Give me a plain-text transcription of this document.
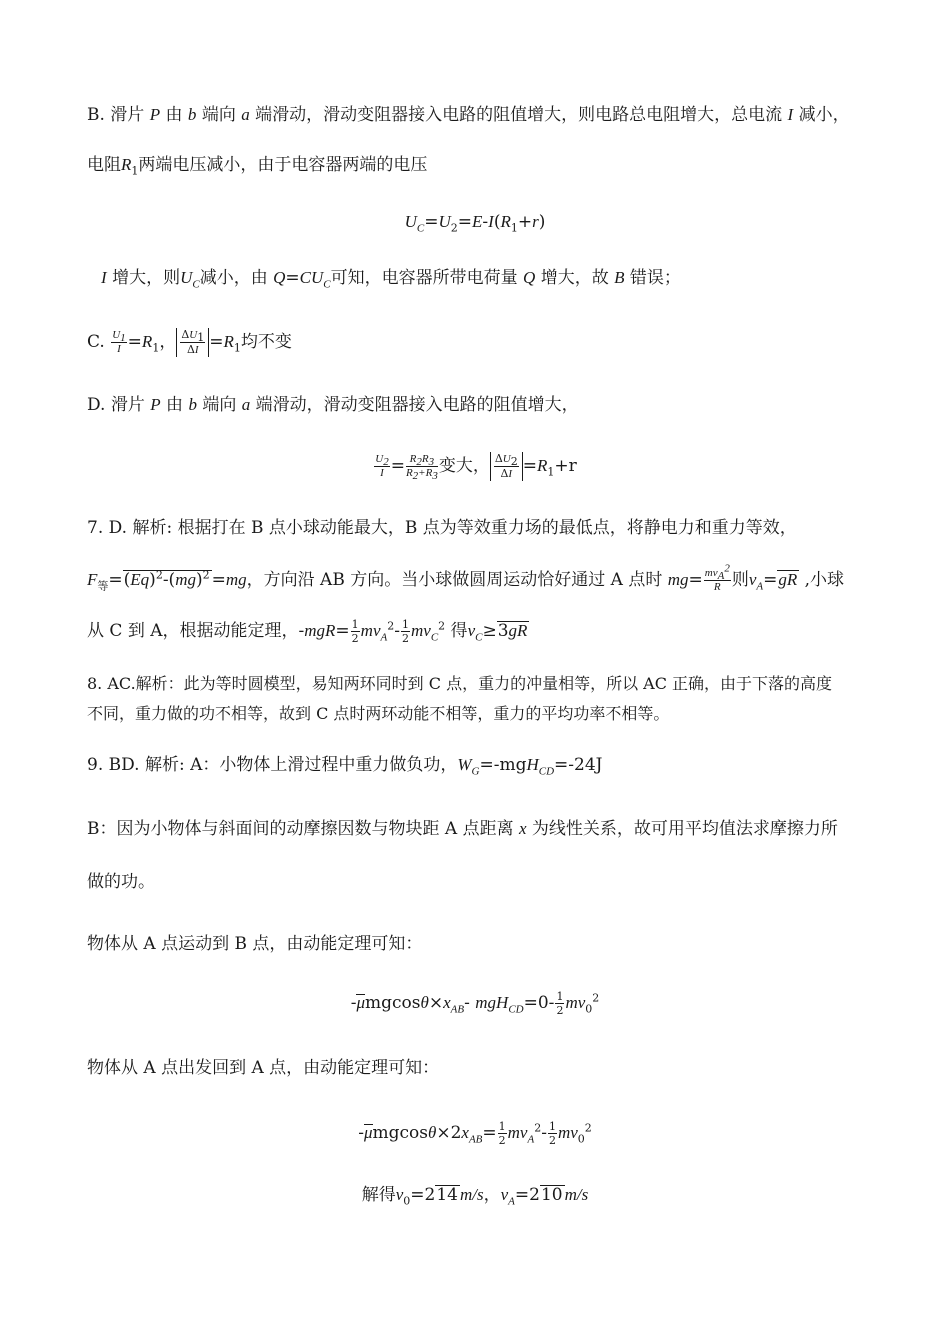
B. 滑片 P 由 b 端向 a 端滑动，滑动变阻器接入电路的阻值增大，则电路总电阻增大，总电流 I 减小，
电阻$R_1$两端电压减小，由于电容器两端的电压
$U_C=U_2=E-I(R_1+r)$
I 增大，则$U_C$减小，由 $Q=CU_C$可知，电容器所带电荷量 Q 增大，故 B 错误；
C. $\frac{U_1}{I} =R_1$， $\frac{\Delta U_1}{\Delta I} =R_1$均不变
D. 滑片 P 由 b 端向 a 端滑动，滑动变阻器接入电路的阻值增大，
$\frac{U_2}{I} = \frac{R_2R_3}{R_2+R_3}$ 变大， $\frac{\Delta U_2}{\Delta I} =R_1+r$
7. D. 解析: 根据打在 B 点小球动能最大，B 点为等效重力场的最低点，将静电力和重力等效，
$F_等=(Eq)^2-(mg)^2 =mg$，方向沿 AB 方向。当小球做圆周运动恰好通过 A 点时 $mg= \frac{mv_A^2}{R}$ 则$v_A=gR$ ,小球
从 C 到 A，根据动能定理，$-mgR= \frac{1}{2} mv_A^2- \frac{1}{2} mv_C^2$ 得$v_C\ge 3gR$
8. AC.解析：此为等时圆模型，易知两环同时到 C 点，重力的冲量相等，所以 AC 正确，由于下落的高度
不同，重力做的功不相等，故到 C 点时两环动能不相等，重力的平均功率不相等。
9. BD. 解析: A：小物体上滑过程中重力做负功，$W_G=-mgH_{CD}=-24J$
B：因为小物体与斜面间的动摩擦因数与物块距 A 点距离 x 为线性关系，故可用平均值法求摩擦力所
做的功。
物体从 A 点运动到 B 点，由动能定理可知：
$-\mu mgcos\theta\times x_{AB}-$ $mgH_{CD}=0- \frac{1}{2} mv_0^2$
物体从 A 点出发回到 A 点，由动能定理可知：
$-\mu mgcos\theta\times 2x_{AB}= \frac{1}{2} mv_A^2- \frac{1}{2} mv_0^2$
解得$v_0=214$ m/s，$v_A=210$ m/s
